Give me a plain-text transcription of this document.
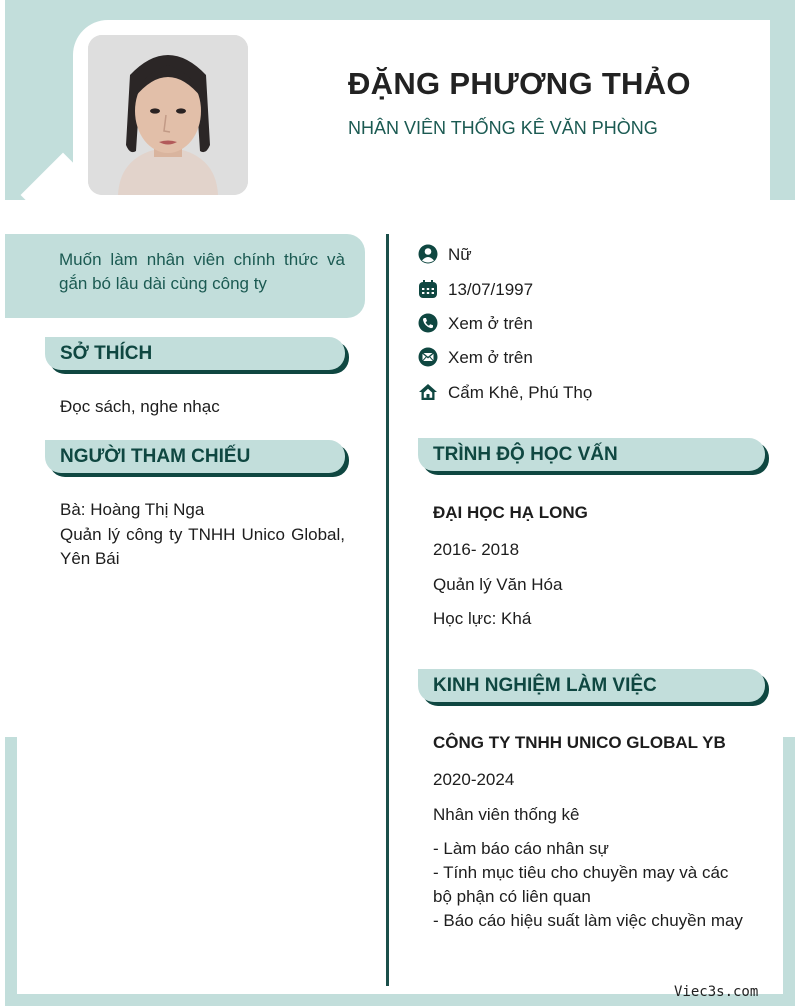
ĐẶNG PHƯƠNG THẢO
NHÂN VIÊN THỐNG KÊ VĂN PHÒNG
Muốn làm nhân viên chính thức và gắn bó lâu dài cùng công ty
SỞ THÍCH
Đọc sách, nghe nhạc
NGƯỜI THAM CHIẾU
Bà: Hoàng Thị Nga
Quản lý công ty TNHH Unico Global, Yên Bái
Nữ
13/07/1997
Xem ở trên
Xem ở trên
Cẩm Khê, Phú Thọ
TRÌNH ĐỘ HỌC VẤN
ĐẠI HỌC HẠ LONG
2016- 2018
Quản lý Văn Hóa
Học lực: Khá
KINH NGHIỆM LÀM VIỆC
CÔNG TY TNHH UNICO GLOBAL YB
2020-2024
Nhân viên thống kê
- Làm báo cáo nhân sự
- Tính mục tiêu cho chuyền may và các bộ phận có liên quan
- Báo cáo hiệu suất làm việc chuyền may
Viec3s.com
